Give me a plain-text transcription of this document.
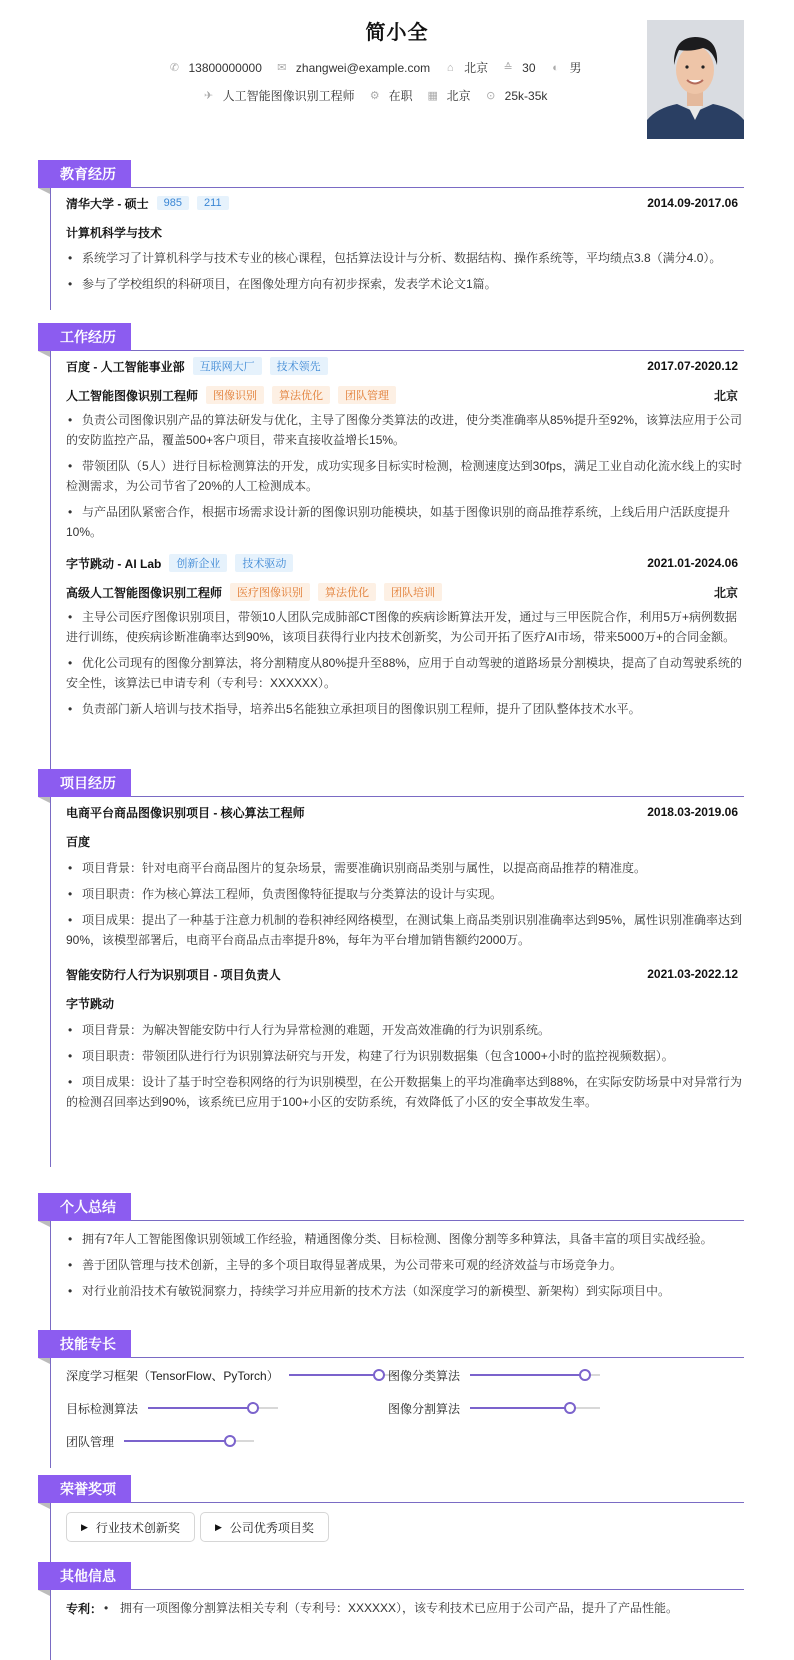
简小全
✆ 13800000000 ✉ zhangwei@example.com ⌂ 北京 ≙ 30 ◐ 男
✈ 人工智能图像识别工程师 ⚙ 在职 ▦ 北京 ⊙ 25k-35k
教育经历
清华大学 - 硕士	985	211	2014.09-2017.06
计算机科学与技术
• 系统学习了计算机科学与技术专业的核心课程，包括算法设计与分析、数据结构、操作系统等，平均绩点3.8（满分4.0）。
• 参与了学校组织的科研项目，在图像处理方向有初步探索，发表学术论文1篇。
工作经历
百度 - 人工智能事业部	互联网大厂	技术领先	2017.07-2020.12
人工智能图像识别工程师	图像识别	算法优化	团队管理	北京
• 负责公司图像识别产品的算法研发与优化，主导了图像分类算法的改进，使分类准确率从85%提升至92%，该算法应用于公司的安防监控产品，覆盖500+客户项目，带来直接收益增长15%。
• 带领团队（5人）进行目标检测算法的开发，成功实现多目标实时检测，检测速度达到30fps，满足工业自动化流水线上的实时检测需求，为公司节省了20%的人工检测成本。
• 与产品团队紧密合作，根据市场需求设计新的图像识别功能模块，如基于图像识别的商品推荐系统，上线后用户活跃度提升10%。
字节跳动 - AI Lab	创新企业	技术驱动	2021.01-2024.06
高级人工智能图像识别工程师	医疗图像识别	算法优化	团队培训	北京
• 主导公司医疗图像识别项目，带领10人团队完成肺部CT图像的疾病诊断算法开发，通过与三甲医院合作，利用5万+病例数据进行训练，使疾病诊断准确率达到90%，该项目获得行业内技术创新奖，为公司开拓了医疗AI市场，带来5000万+的合同金额。
• 优化公司现有的图像分割算法，将分割精度从80%提升至88%，应用于自动驾驶的道路场景分割模块，提高了自动驾驶系统的安全性，该算法已申请专利（专利号：XXXXXX）。
• 负责部门新人培训与技术指导，培养出5名能独立承担项目的图像识别工程师，提升了团队整体技术水平。
项目经历
电商平台商品图像识别项目 - 核心算法工程师	2018.03-2019.06
百度
• 项目背景：针对电商平台商品图片的复杂场景，需要准确识别商品类别与属性，以提高商品推荐的精准度。
• 项目职责：作为核心算法工程师，负责图像特征提取与分类算法的设计与实现。
• 项目成果：提出了一种基于注意力机制的卷积神经网络模型，在测试集上商品类别识别准确率达到95%，属性识别准确率达到90%，该模型部署后，电商平台商品点击率提升8%，每年为平台增加销售额约2000万。
智能安防行人行为识别项目 - 项目负责人	2021.03-2022.12
字节跳动
• 项目背景：为解决智能安防中行人行为异常检测的难题，开发高效准确的行为识别系统。
• 项目职责：带领团队进行行为识别算法研究与开发，构建了行为识别数据集（包含1000+小时的监控视频数据）。
• 项目成果：设计了基于时空卷积网络的行为识别模型，在公开数据集上的平均准确率达到88%，在实际安防场景中对异常行为的检测召回率达到90%，该系统已应用于100+小区的安防系统，有效降低了小区的安全事故发生率。
个人总结
• 拥有7年人工智能图像识别领域工作经验，精通图像分类、目标检测、图像分割等多种算法，具备丰富的项目实战经验。
• 善于团队管理与技术创新，主导的多个项目取得显著成果，为公司带来可观的经济效益与市场竞争力。
• 对行业前沿技术有敏锐洞察力，持续学习并应用新的技术方法（如深度学习的新模型、新架构）到实际项目中。
技能专长
深度学习框架（TensorFlow、PyTorch）	图像分类算法
目标检测算法	图像分割算法
团队管理
荣誉奖项
▶ 行业技术创新奖	▶ 公司优秀项目奖
其他信息
专利：	• 拥有一项图像分割算法相关专利（专利号：XXXXXX），该专利技术已应用于公司产品，提升了产品性能。
